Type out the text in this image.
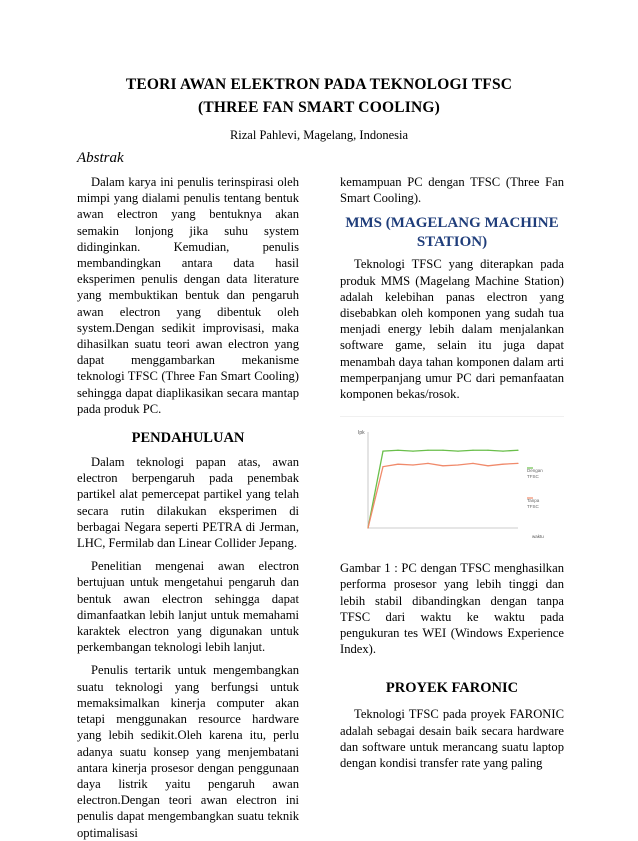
TEORI AWAN ELEKTRON PADA TEKNOLOGI TFSC
(THREE FAN SMART COOLING)
Rizal Pahlevi, Magelang, Indonesia
Abstrak

Dalam karya ini penulis terinspirasi oleh mimpi yang dialami penulis tentang bentuk awan electron yang bentuknya akan semakin lonjong jika suhu system didinginkan. Kemudian, penulis membandingkan antara data hasil eksperimen penulis dengan data literature yang membuktikan bentuk dan pengaruh awan electron yang dibentuk oleh system.Dengan sedikit improvisasi, maka dihasilkan suatu teori awan electron yang dapat menggambarkan mekanisme teknologi TFSC (Three Fan Smart Cooling) sehingga dapat diaplikasikan secara mantap pada produk PC.

PENDAHULUAN

Dalam teknologi papan atas, awan electron berpengaruh pada penembak partikel alat pemercepat partikel yang telah secara rutin dilakukan eksperimen di berbagai Negara seperti PETRA di Jerman, LHC, Fermilab dan Linear Collider Jepang.

Penelitian mengenai awan electron bertujuan untuk mengetahui pengaruh dan bentuk awan electron sehingga dapat dimanfaatkan lebih lanjut untuk memahami karaktek electron yang digunakan untuk perkembangan teknologi lebih lanjut.

Penulis tertarik untuk mengembangkan suatu teknologi yang berfungsi untuk memaksimalkan kinerja computer akan tetapi menggunakan resource hardware yang lebih sedikit.Oleh karena itu, perlu adanya suatu konsep yang menjembatani antara kinerja prosesor dengan penggunaan daya listrik yaitu pengaruh awan electron.Dengan teori awan electron ini penulis dapat mengembangkan suatu teknik optimalisasi

kemampuan PC dengan TFSC (Three Fan Smart Cooling).

MMS (MAGELANG MACHINE
STATION)

Teknologi TFSC yang diterapkan pada produk MMS (Magelang Machine Station) adalah kelebihan panas electron yang disebabkan oleh komponen yang sudah tua menjadi energy lebih dalam menjalankan software game, selain itu juga dapat menambah daya tahan komponen dalam arti memperpanjang umur PC dari pemanfaatan komponen bekas/rosok.

Ipk
waktu
Dengan
TFSC
Tanpa
TFSC

Gambar 1 : PC dengan TFSC menghasilkan performa prosesor yang lebih tinggi dan lebih stabil dibandingkan dengan tanpa TFSC dari waktu ke waktu pada pengukuran tes WEI (Windows Experience Index).

PROYEK FARONIC

Teknologi TFSC pada proyek FARONIC adalah sebagai desain baik secara hardware dan software untuk merancang suatu laptop dengan kondisi transfer rate yang paling
